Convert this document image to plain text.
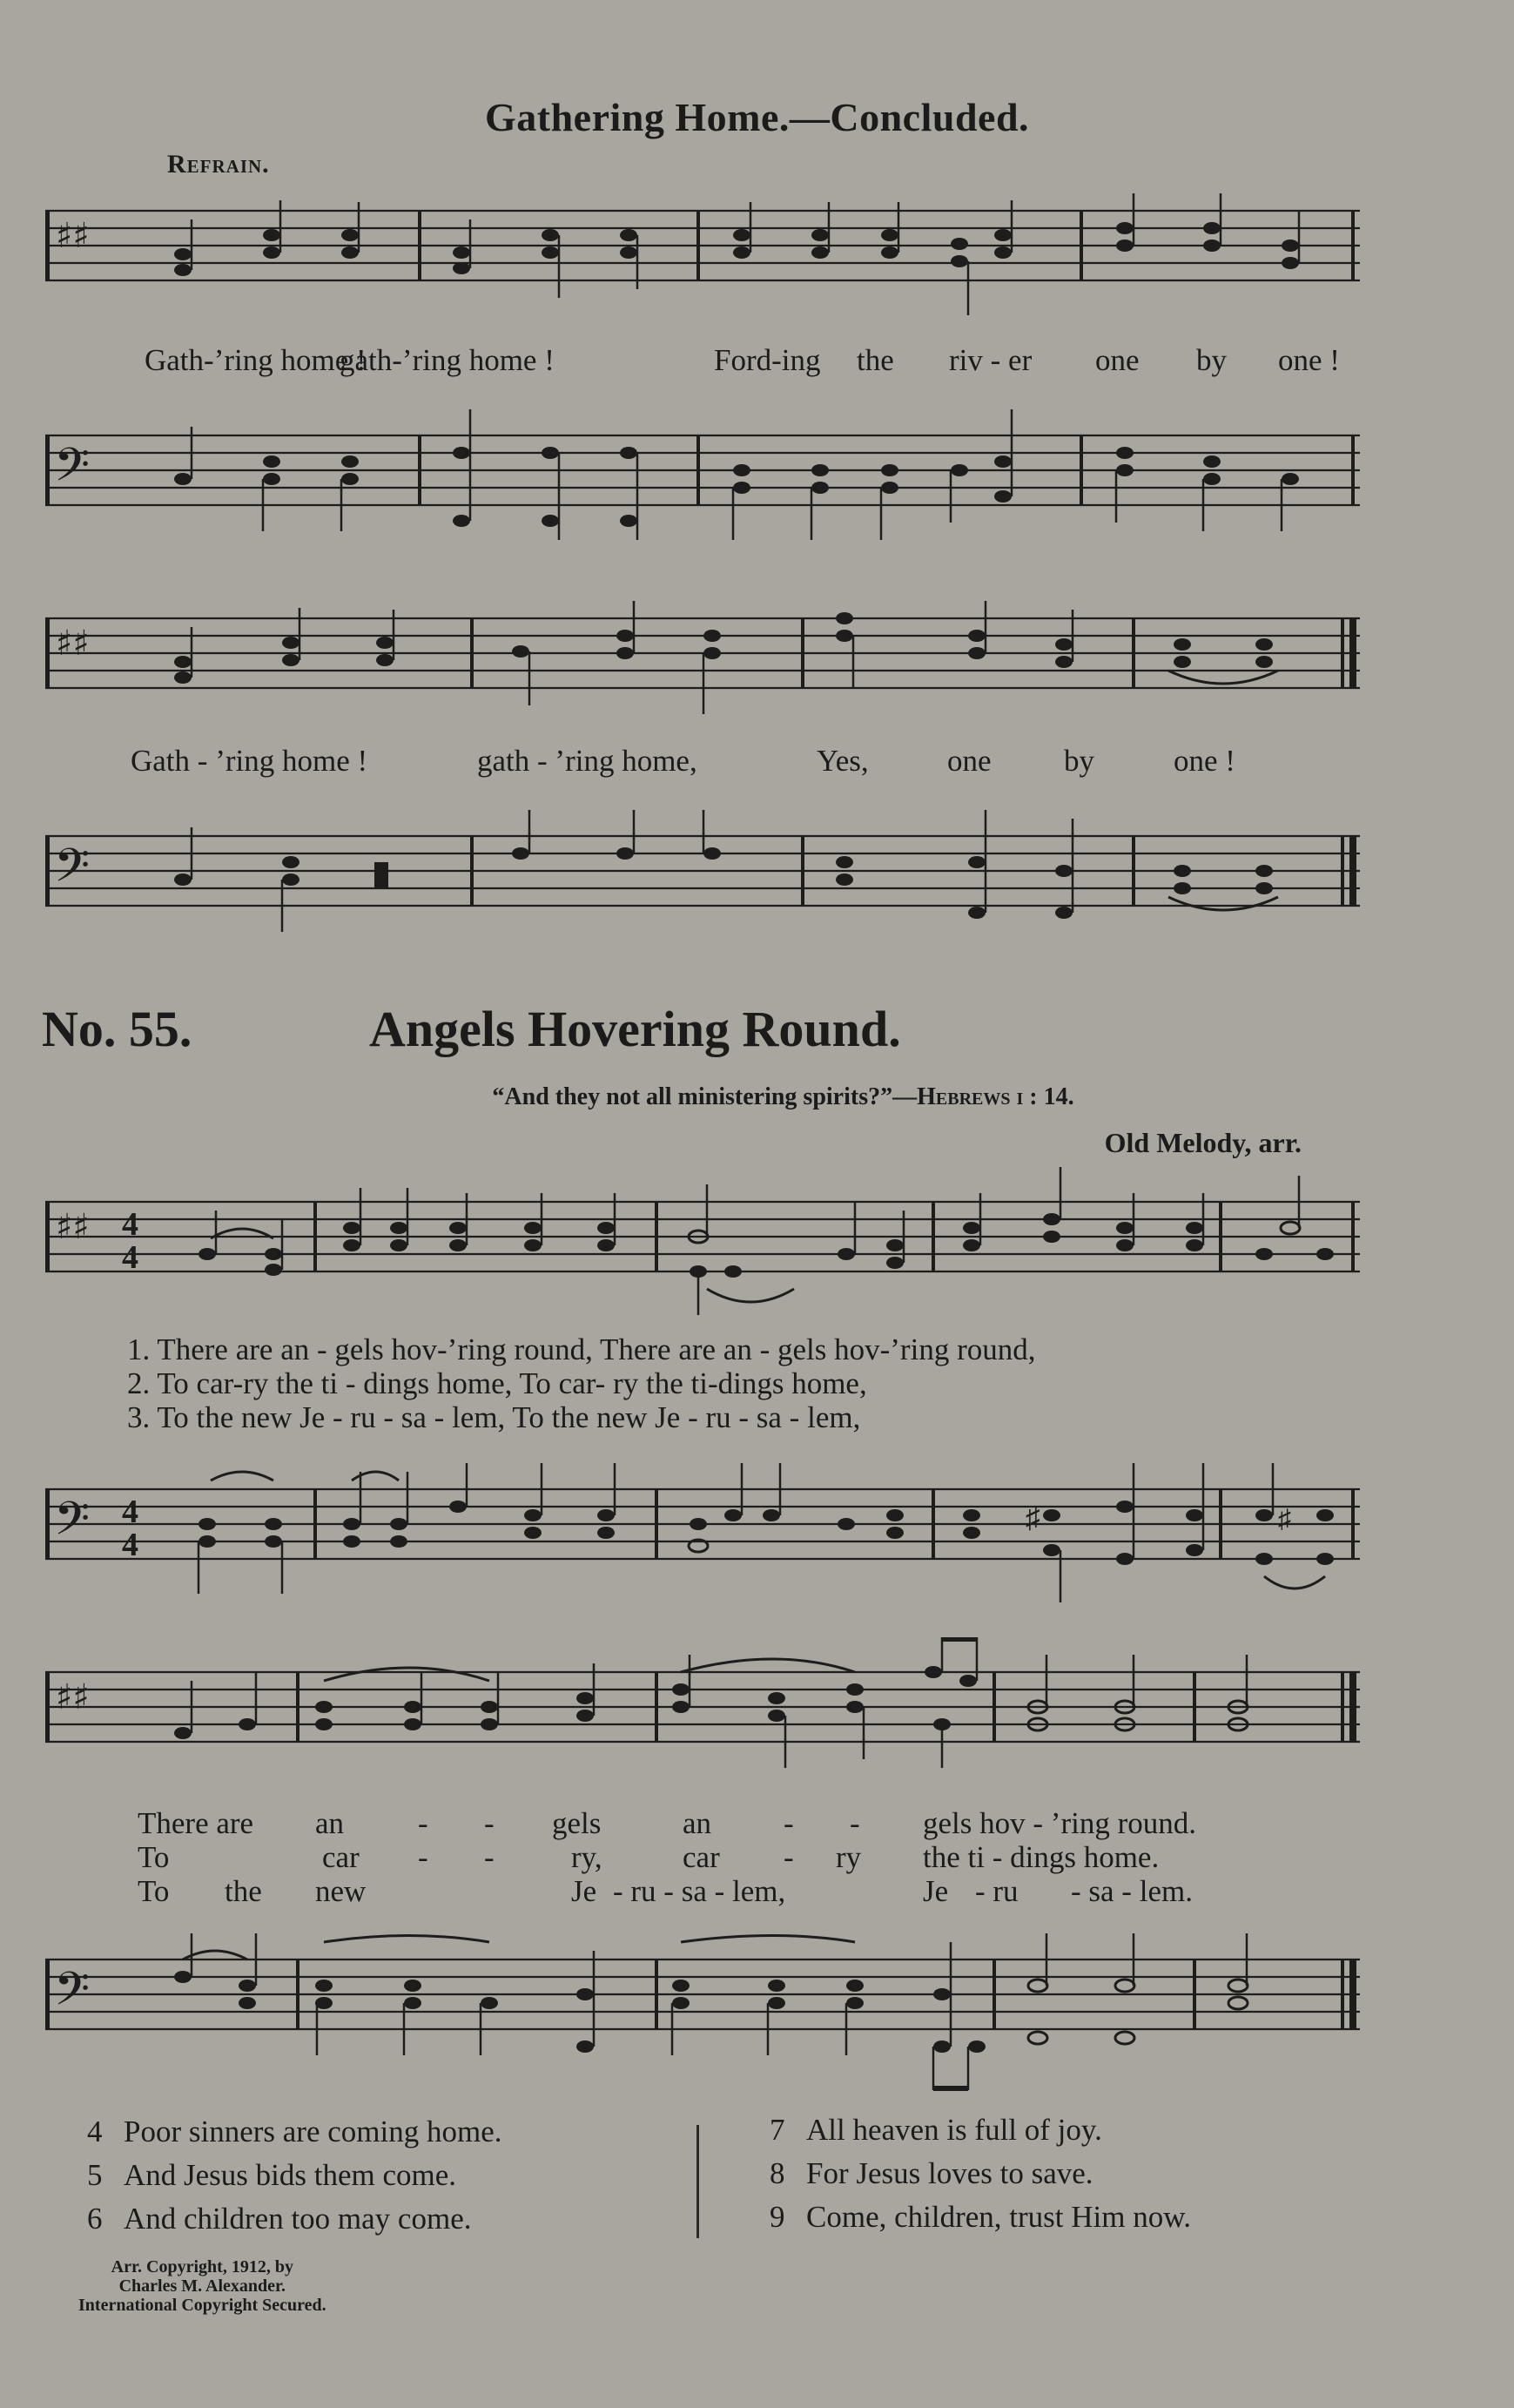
Gathering Home.—Concluded.
Refrain.
♯♯
Gath-’ring home !
gath-’ring home !	Ford-ing the riv - er one by one !
𝄢
♯♯
Gath - ’ring home !	gath - ’ring home,	Yes,	one by	one !
𝄢
No. 55.	Angels Hovering Round.
“And they not all ministering spirits?”—Hebrews i : 14.
Old Melody, arr.
♯♯ 4
4
1. There are an - gels hov-’ring round, There are an - gels hov-’ring round,
2. To car-ry the ti - dings home, To car- ry the ti-dings home,
3. To the new Je - ru - sa - lem, To the new Je - ru - sa - lem,
𝄢 4
4
♯	♯
♯♯
There are an - - gels	an - - gels hov - ’ring round.
To	car - -	ry,	car - ry the ti - dings home.
To the new	Je - ru - sa - lem,	Je - ru - sa - lem.
𝄢
4 Poor sinners are coming home.
5 And Jesus bids them come.
6 And children too may come.
7 All heaven is full of joy.
8 For Jesus loves to save.
9 Come, children, trust Him now.
Arr. Copyright, 1912, by
Charles M. Alexander.
International Copyright Secured.
